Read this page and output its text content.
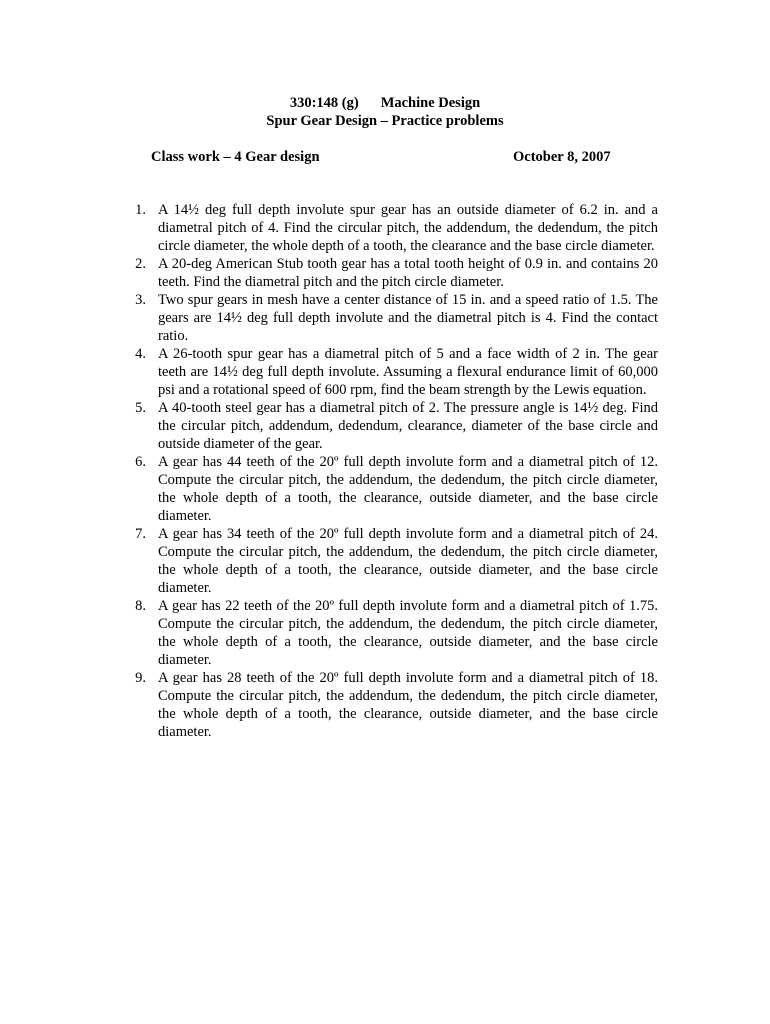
330:148 (g) Machine Design
Spur Gear Design – Practice problems
Class work – 4 Gear design	October 8, 2007
1. A 14½ deg full depth involute spur gear has an outside diameter of 6.2 in. and a diametral pitch of 4. Find the circular pitch, the addendum, the dedendum, the pitch circle diameter, the whole depth of a tooth, the clearance and the base circle diameter.
2. A 20-deg American Stub tooth gear has a total tooth height of 0.9 in. and contains 20 teeth. Find the diametral pitch and the pitch circle diameter.
3. Two spur gears in mesh have a center distance of 15 in. and a speed ratio of 1.5. The gears are 14½ deg full depth involute and the diametral pitch is 4. Find the contact ratio.
4. A 26-tooth spur gear has a diametral pitch of 5 and a face width of 2 in. The gear teeth are 14½ deg full depth involute. Assuming a flexural endurance limit of 60,000 psi and a rotational speed of 600 rpm, find the beam strength by the Lewis equation.
5. A 40-tooth steel gear has a diametral pitch of 2. The pressure angle is 14½ deg. Find the circular pitch, addendum, dedendum, clearance, diameter of the base circle and outside diameter of the gear.
6. A gear has 44 teeth of the 20º full depth involute form and a diametral pitch of 12. Compute the circular pitch, the addendum, the dedendum, the pitch circle diameter, the whole depth of a tooth, the clearance, outside diameter, and the base circle diameter.
7. A gear has 34 teeth of the 20º full depth involute form and a diametral pitch of 24. Compute the circular pitch, the addendum, the dedendum, the pitch circle diameter, the whole depth of a tooth, the clearance, outside diameter, and the base circle diameter.
8. A gear has 22 teeth of the 20º full depth involute form and a diametral pitch of 1.75. Compute the circular pitch, the addendum, the dedendum, the pitch circle diameter, the whole depth of a tooth, the clearance, outside diameter, and the base circle diameter.
9. A gear has 28 teeth of the 20º full depth involute form and a diametral pitch of 18. Compute the circular pitch, the addendum, the dedendum, the pitch circle diameter, the whole depth of a tooth, the clearance, outside diameter, and the base circle diameter.
